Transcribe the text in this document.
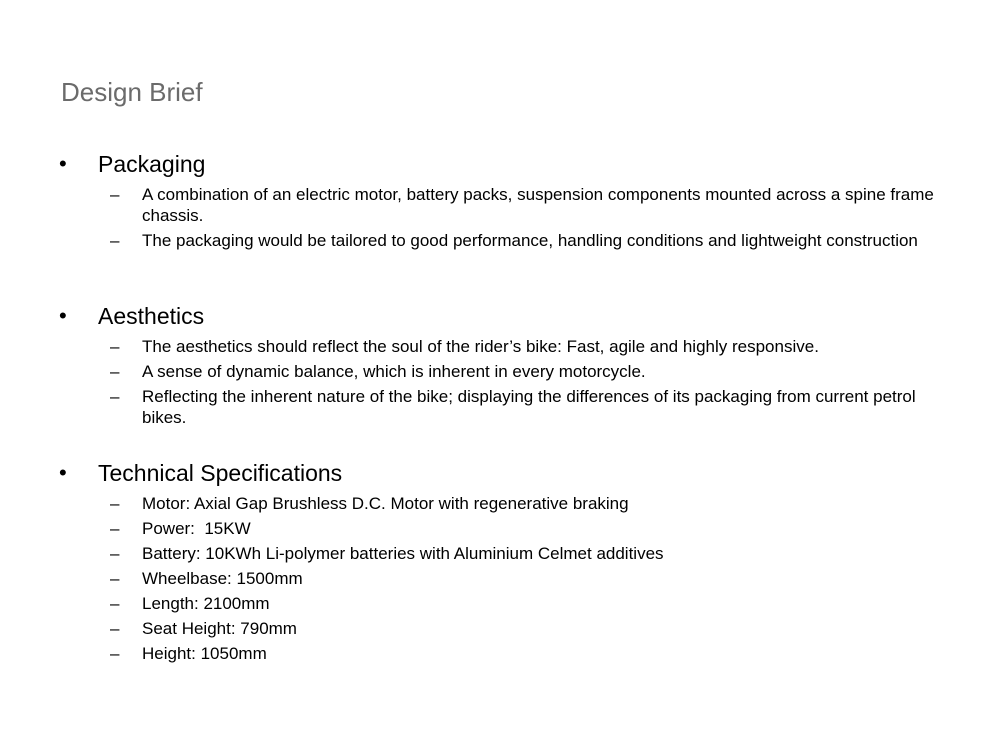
Design Brief
• Packaging
– A combination of an electric motor, battery packs, suspension components mounted across a spine frame chassis.
– The packaging would be tailored to good performance, handling conditions and lightweight construction
• Aesthetics
– The aesthetics should reflect the soul of the rider’s bike: Fast, agile and highly responsive.
– A sense of dynamic balance, which is inherent in every motorcycle.
– Reflecting the inherent nature of the bike; displaying the differences of its packaging from current petrol bikes.
• Technical Specifications
– Motor: Axial Gap Brushless D.C. Motor with regenerative braking
– Power:  15KW
– Battery: 10KWh Li-polymer batteries with Aluminium Celmet additives
– Wheelbase: 1500mm
– Length: 2100mm
– Seat Height: 790mm
– Height: 1050mm
